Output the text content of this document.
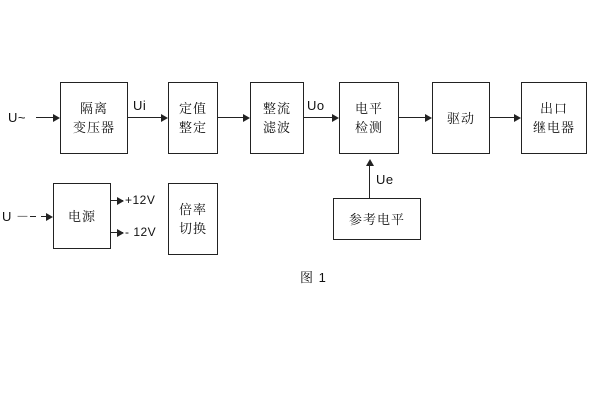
隔离
变压器
定值
整定
整流
滤波
电平
检测
驱动
出口
继电器
电源	倍率
切换
参考电平
U~
U －
Ui	Uo
Ue
+12V
- 12V
图 1
